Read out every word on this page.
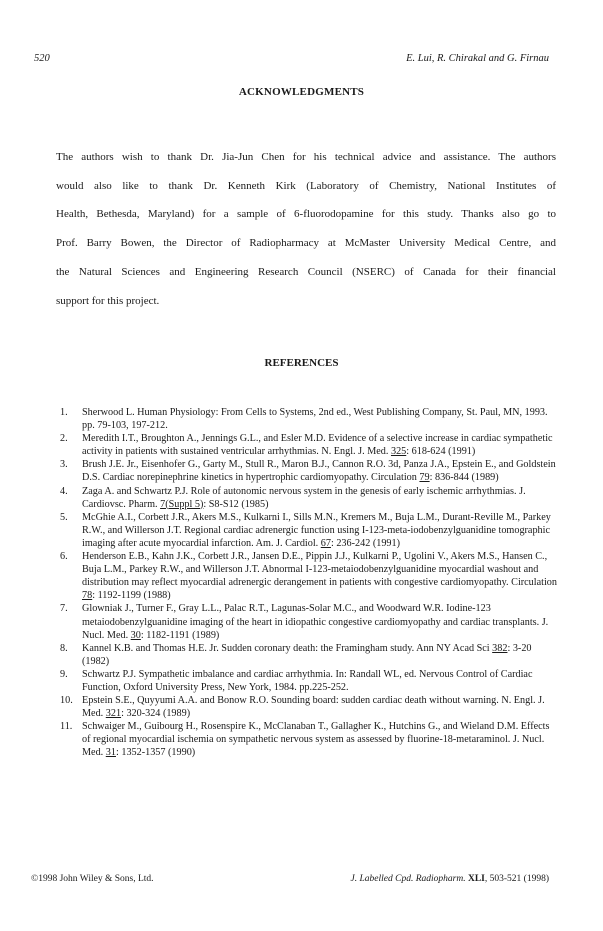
520	E. Lui, R. Chirakal and G. Firnau
ACKNOWLEDGMENTS
The authors wish to thank Dr. Jia-Jun Chen for his technical advice and assistance. The authors
would also like to thank Dr. Kenneth Kirk (Laboratory of Chemistry, National Institutes of
Health, Bethesda, Maryland) for a sample of 6-fluorodopamine for this study. Thanks also go to
Prof. Barry Bowen, the Director of Radiopharmacy at McMaster University Medical Centre, and
the Natural Sciences and Engineering Research Council (NSERC) of Canada for their financial
support for this project.
REFERENCES
1. Sherwood L. Human Physiology: From Cells to Systems, 2nd ed., West Publishing Company, St. Paul, MN, 1993. pp. 79-103, 197-212.
2. Meredith I.T., Broughton A., Jennings G.L., and Esler M.D. Evidence of a selective increase in cardiac sympathetic activity in patients with sustained ventricular arrhythmias. N. Engl. J. Med. 325: 618-624 (1991)
3. Brush J.E. Jr., Eisenhofer G., Garty M., Stull R., Maron B.J., Cannon R.O. 3d, Panza J.A., Epstein E., and Goldstein D.S. Cardiac norepinephrine kinetics in hypertrophic cardiomyopathy. Circulation 79: 836-844 (1989)
4. Zaga A. and Schwartz P.J. Role of autonomic nervous system in the genesis of early ischemic arrhythmias. J. Cardiovsc. Pharm. 7(Suppl 5): S8-S12 (1985)
5. McGhie A.I., Corbett J.R., Akers M.S., Kulkarni I., Sills M.N., Kremers M., Buja L.M., Durant-Reville M., Parkey R.W., and Willerson J.T. Regional cardiac adrenergic function using I-123-meta-iodobenzylguanidine tomographic imaging after acute myocardial infarction. Am. J. Cardiol. 67: 236-242 (1991)
6. Henderson E.B., Kahn J.K., Corbett J.R., Jansen D.E., Pippin J.J., Kulkarni P., Ugolini V., Akers M.S., Hansen C., Buja L.M., Parkey R.W., and Willerson J.T. Abnormal I-123-metaiodobenzylguanidine myocardial washout and distribution may reflect myocardial adrenergic derangement in patients with congestive cardiomyopathy. Circulation 78: 1192-1199 (1988)
7. Glowniak J., Turner F., Gray L.L., Palac R.T., Lagunas-Solar M.C., and Woodward W.R. Iodine-123 metaiodobenzylguanidine imaging of the heart in idiopathic congestive cardiomyopathy and cardiac transplants. J. Nucl. Med. 30: 1182-1191 (1989)
8. Kannel K.B. and Thomas H.E. Jr. Sudden coronary death: the Framingham study. Ann NY Acad Sci 382: 3-20 (1982)
9. Schwartz P.J. Sympathetic imbalance and cardiac arrhythmia. In: Randall WL, ed. Nervous Control of Cardiac Function, Oxford University Press, New York, 1984. pp.225-252.
10. Epstein S.E., Quyyumi A.A. and Bonow R.O. Sounding board: sudden cardiac death without warning. N. Engl. J. Med. 321: 320-324 (1989)
11. Schwaiger M., Guibourg H., Rosenspire K., McClanaban T., Gallagher K., Hutchins G., and Wieland D.M. Effects of regional myocardial ischemia on sympathetic nervous system as assessed by fluorine-18-metaraminol. J. Nucl. Med. 31: 1352-1357 (1990)
©1998 John Wiley & Sons, Ltd.	J. Labelled Cpd. Radiopharm. XLI, 503-521 (1998)
